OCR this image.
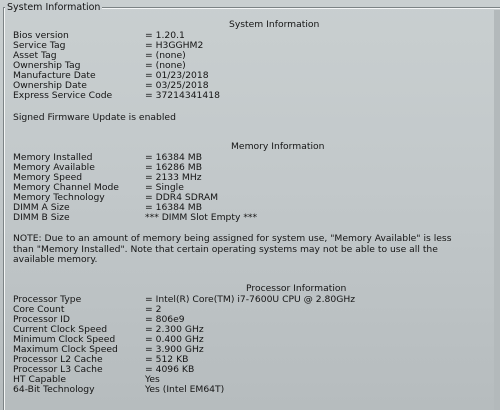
System Information
System Information
Bios version	= 1.20.1
Service Tag	= H3GGHM2
Asset Tag	= (none)
Ownership Tag	= (none)
Manufacture Date	= 01/23/2018
Ownership Date	= 03/25/2018
Express Service Code	= 37214341418
Signed Firmware Update is enabled
Memory Information
Memory Installed	= 16384 MB
Memory Available	= 16286 MB
Memory Speed	= 2133 MHz
Memory Channel Mode	= Single
Memory Technology	= DDR4 SDRAM
DIMM A Size	= 16384 MB
DIMM B Size	*** DIMM Slot Empty ***
NOTE: Due to an amount of memory being assigned for system use, "Memory Available" is less
than "Memory Installed". Note that certain operating systems may not be able to use all the
available memory.
Processor Information
Processor Type	= Intel(R) Core(TM) i7-7600U CPU @ 2.80GHz
Core Count	= 2
Processor ID	= 806e9
Current Clock Speed	= 2.300 GHz
Minimum Clock Speed	= 0.400 GHz
Maximum Clock Speed	= 3.900 GHz
Processor L2 Cache	= 512 KB
Processor L3 Cache	= 4096 KB
HT Capable	Yes
64-Bit Technology	Yes (Intel EM64T)
